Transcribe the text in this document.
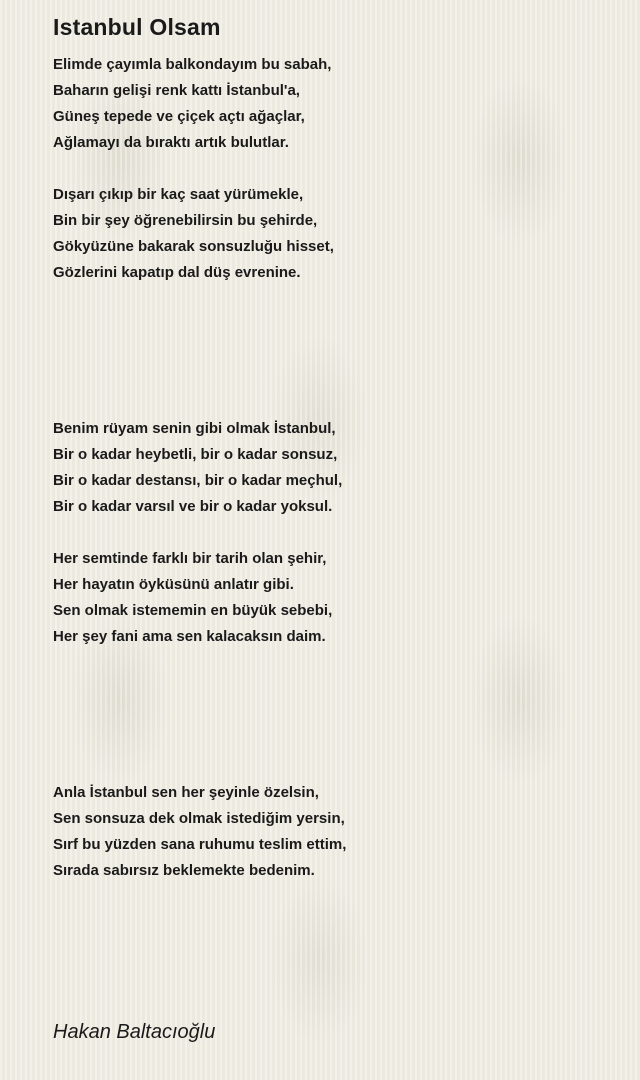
Istanbul Olsam
Elimde çayımla balkondayım bu sabah,
Baharın gelişi renk kattı İstanbul'a,
Güneş tepede ve çiçek açtı ağaçlar,
Ağlamayı da bıraktı artık bulutlar.
Dışarı çıkıp bir kaç saat yürümekle,
Bin bir şey öğrenebilirsin bu şehirde,
Gökyüzüne bakarak sonsuzluğu hisset,
Gözlerini kapatıp dal düş evrenine.
Benim rüyam senin gibi olmak İstanbul,
Bir o kadar heybetli, bir o kadar sonsuz,
Bir o kadar destansı, bir o kadar meçhul,
Bir o kadar varsıl ve bir o kadar yoksul.
Her semtinde farklı bir tarih olan şehir,
Her hayatın öyküsünü anlatır gibi.
Sen olmak istememin en büyük sebebi,
Her şey fani ama sen kalacaksın daim.
Anla İstanbul sen her şeyinle özelsin,
Sen sonsuza dek olmak istediğim yersin,
Sırf bu yüzden sana ruhumu teslim ettim,
Sırada sabırsız beklemekte bedenim.
Hakan Baltacıoğlu
